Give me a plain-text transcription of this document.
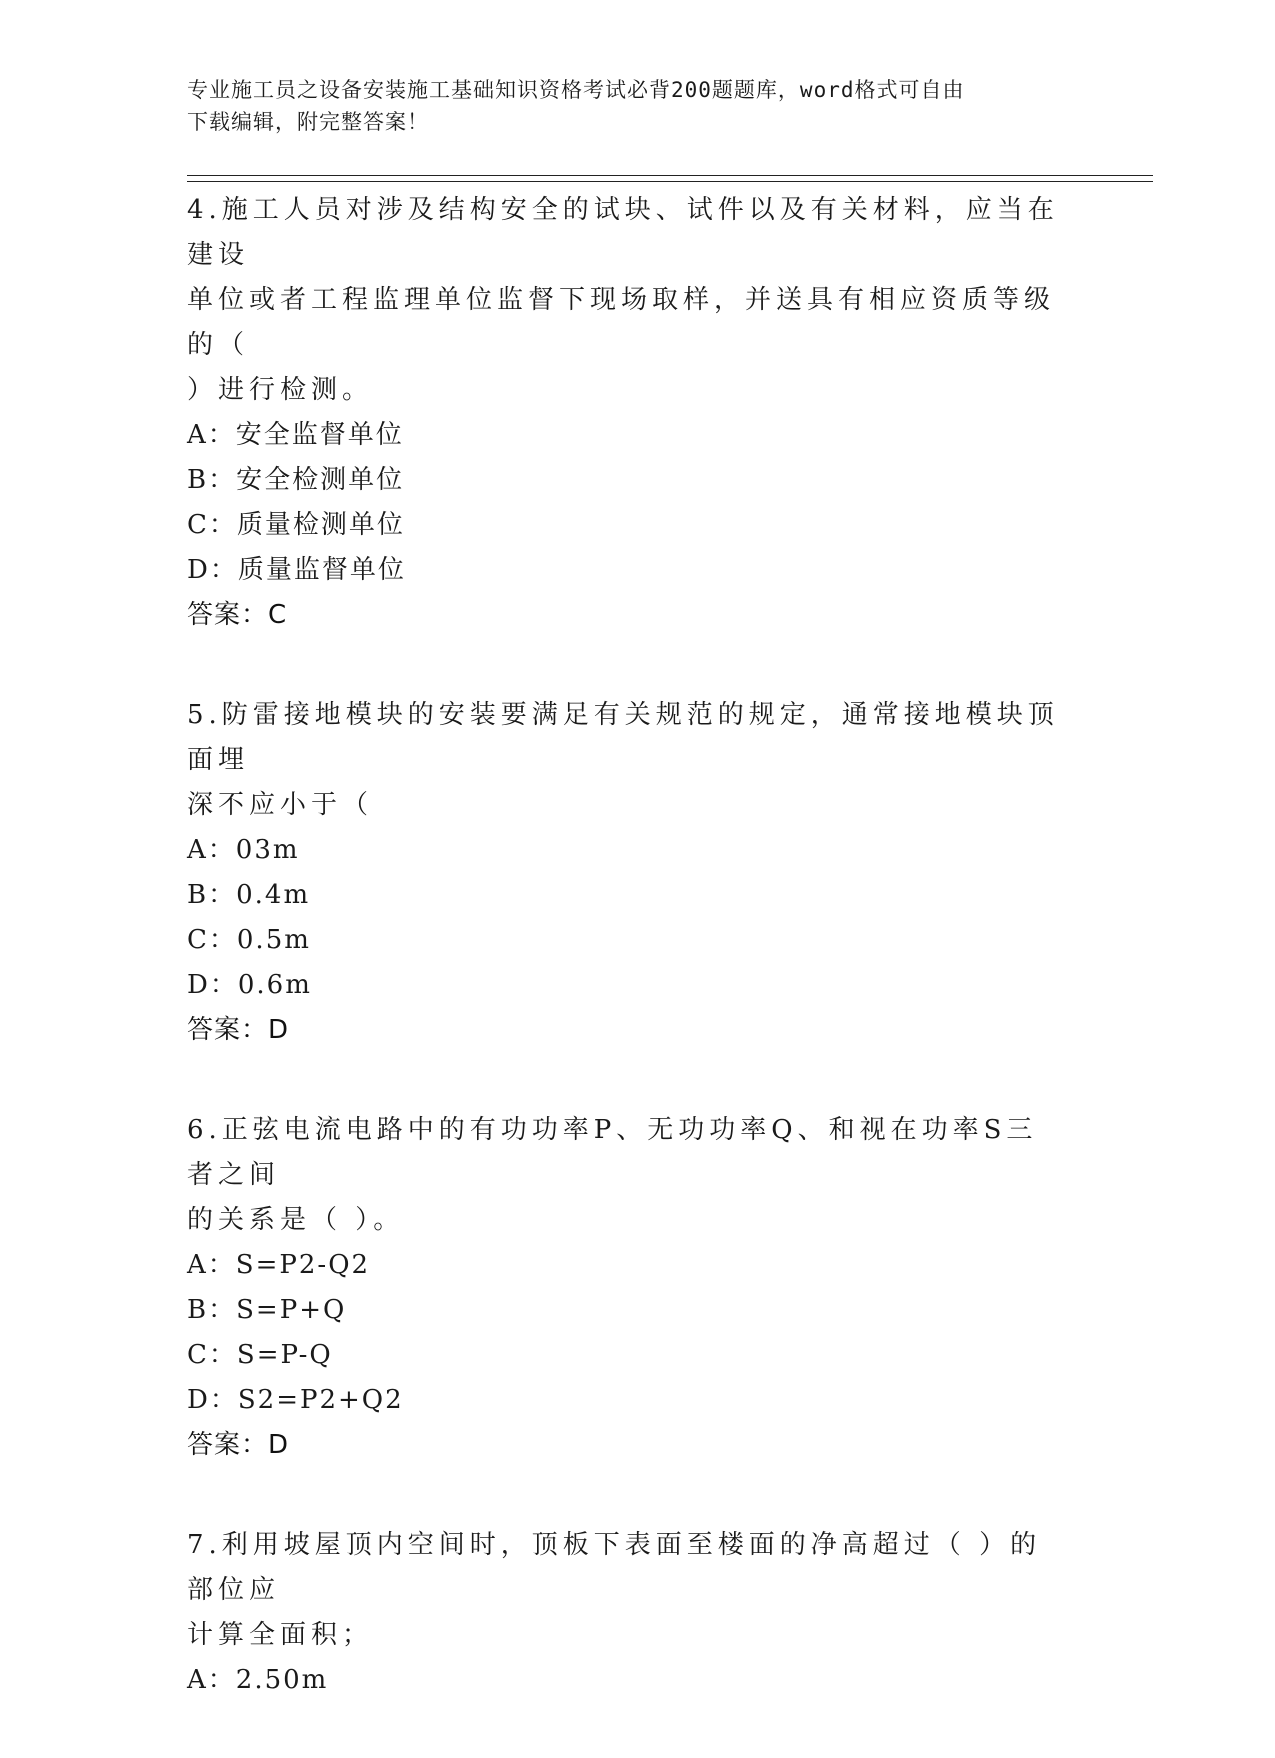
专业施工员之设备安装施工基础知识资格考试必背200题题库，word格式可自由
下载编辑，附完整答案！
4.施工人员对涉及结构安全的试块、试件以及有关材料，应当在建设
单位或者工程监理单位监督下现场取样，并送具有相应资质等级的（
）进行检测。
A：安全监督单位
B：安全检测单位
C：质量检测单位
D：质量监督单位
答案：C
5.防雷接地模块的安装要满足有关规范的规定，通常接地模块顶面埋
深不应小于（
A：03m
B：0.4m
C：0.5m
D：0.6m
答案：D
6.正弦电流电路中的有功功率P、无功功率Q、和视在功率S三者之间
的关系是（ ）。
A：S=P2-Q2
B：S=P+Q
C：S=P-Q
D：S2=P2+Q2
答案：D
7.利用坡屋顶内空间时，顶板下表面至楼面的净高超过（ ）的部位应
计算全面积；
A：2.50m
